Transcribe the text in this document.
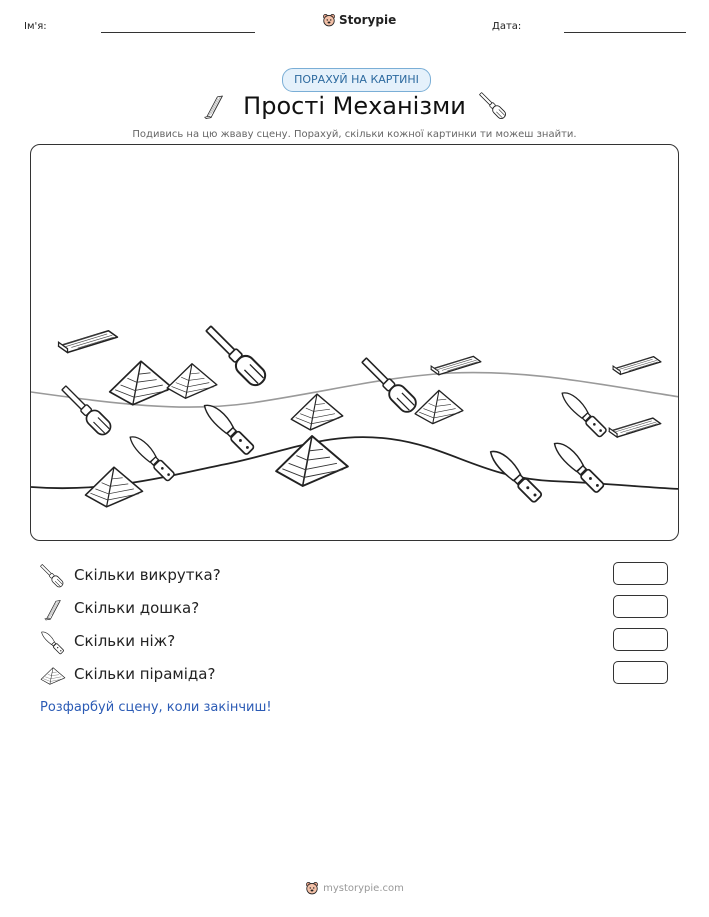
Ім'я:	Storypie	Дата:
ПОРАХУЙ НА КАРТИНІ
Прості Механізми
Подивись на цю жваву сцену. Порахуй, скільки кожної картинки ти можеш знайти.
Скільки викрутка?
Скільки дошка?
Скільки ніж?
Скільки піраміда?
Розфарбуй сцену, коли закінчиш!
mystorypie.com
